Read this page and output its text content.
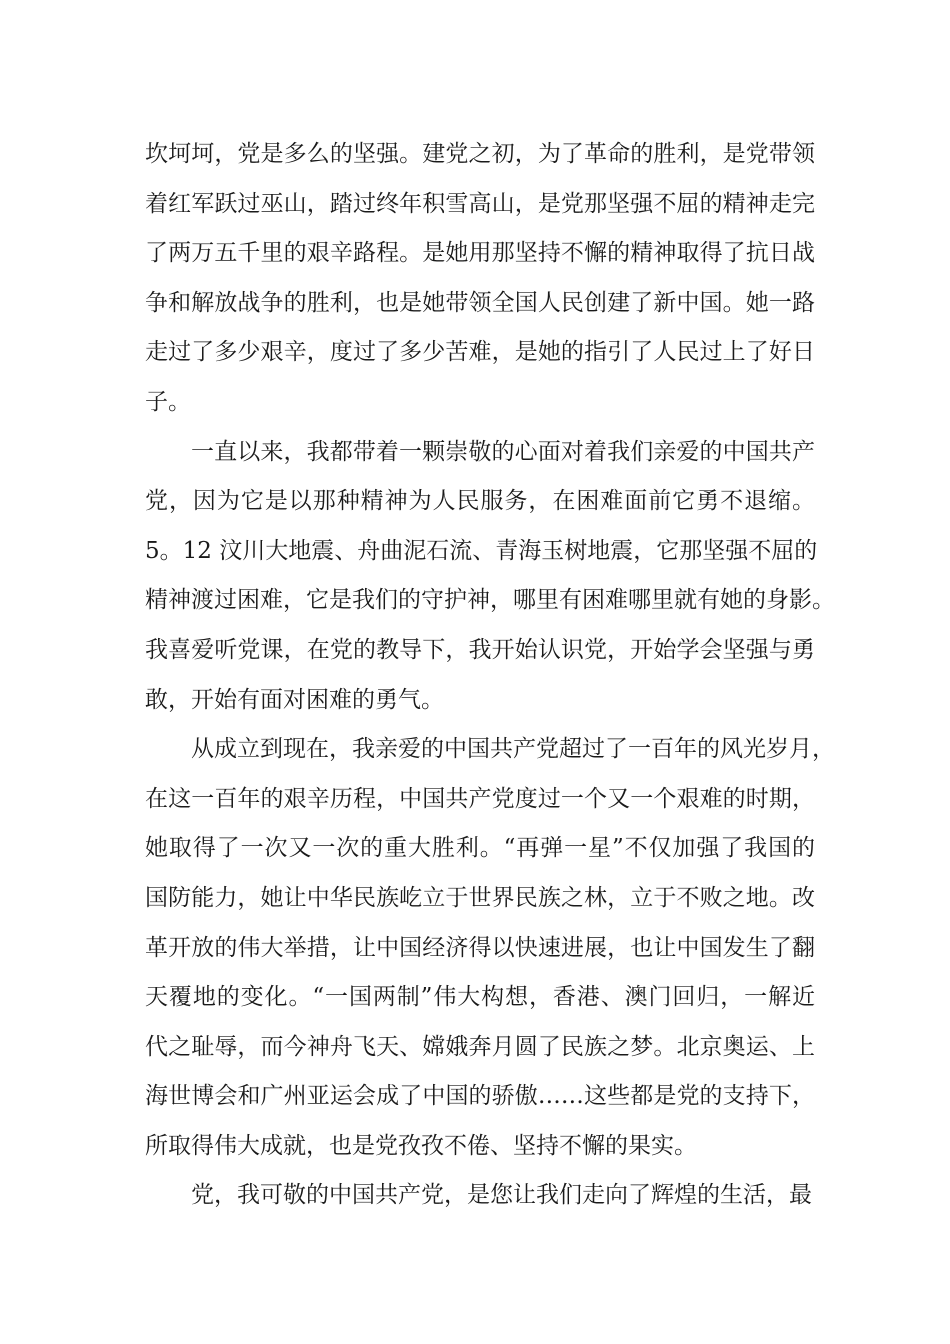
坎坷坷，党是多么的坚强。建党之初，为了革命的胜利，是党带领
着红军跃过巫山，踏过终年积雪高山，是党那坚强不屈的精神走完
了两万五千里的艰辛路程。是她用那坚持不懈的精神取得了抗日战
争和解放战争的胜利，也是她带领全国人民创建了新中国。她一路
走过了多少艰辛，度过了多少苦难，是她的指引了人民过上了好日
子。
一直以来，我都带着一颗崇敬的心面对着我们亲爱的中国共产
党，因为它是以那种精神为人民服务，在困难面前它勇不退缩。
5。12 汶川大地震、舟曲泥石流、青海玉树地震，它那坚强不屈的
精神渡过困难，它是我们的守护神，哪里有困难哪里就有她的身影。
我喜爱听党课，在党的教导下，我开始认识党，开始学会坚强与勇
敢，开始有面对困难的勇气。
从成立到现在，我亲爱的中国共产党超过了一百年的风光岁月，
在这一百年的艰辛历程，中国共产党度过一个又一个艰难的时期，
她取得了一次又一次的重大胜利。“再弹一星”不仅加强了我国的
国防能力，她让中华民族屹立于世界民族之林，立于不败之地。改
革开放的伟大举措，让中国经济得以快速进展，也让中国发生了翻
天覆地的变化。“一国两制”伟大构想，香港、澳门回归，一解近
代之耻辱，而今神舟飞天、嫦娥奔月圆了民族之梦。北京奥运、上
海世博会和广州亚运会成了中国的骄傲……这些都是党的支持下，
所取得伟大成就，也是党孜孜不倦、坚持不懈的果实。
党，我可敬的中国共产党，是您让我们走向了辉煌的生活，最
